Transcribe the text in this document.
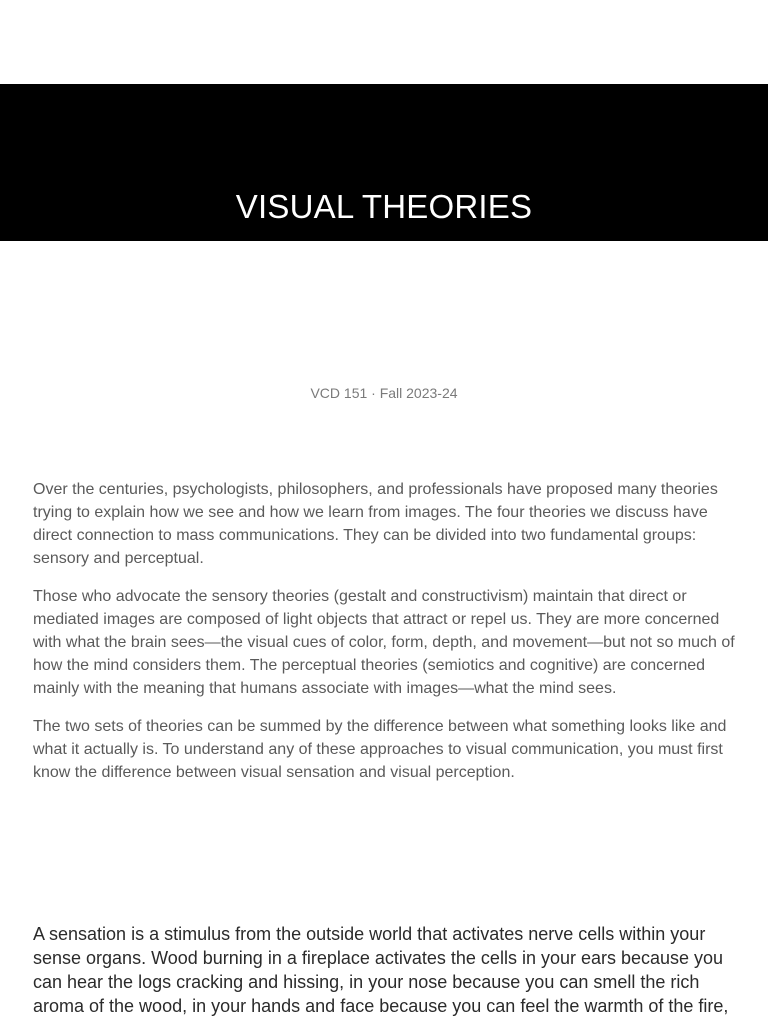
VISUAL THEORIES
VCD 151 · Fall 2023-24

Over the centuries, psychologists, philosophers, and professionals have proposed many theories trying to explain how we see and how we learn from images. The four theories we discuss have direct connection to mass communications. They can be divided into two fundamental groups: sensory and perceptual.

Those who advocate the sensory theories (gestalt and constructivism) maintain that direct or mediated images are composed of light objects that attract or repel us. They are more concerned with what the brain sees—the visual cues of color, form, depth, and movement—but not so much of how the mind considers them. The perceptual theories (semiotics and cognitive) are concerned mainly with the meaning that humans associate with images—what the mind sees.

The two sets of theories can be summed by the difference between what something looks like and what it actually is. To understand any of these approaches to visual communication, you must first know the difference between visual sensation and visual perception.

A sensation is a stimulus from the outside world that activates nerve cells within your sense organs. Wood burning in a fireplace activates the cells in your ears because you can hear the logs cracking and hissing, in your nose because you can smell the rich aroma of the wood, in your hands and face because you can feel the warmth of the fire,
